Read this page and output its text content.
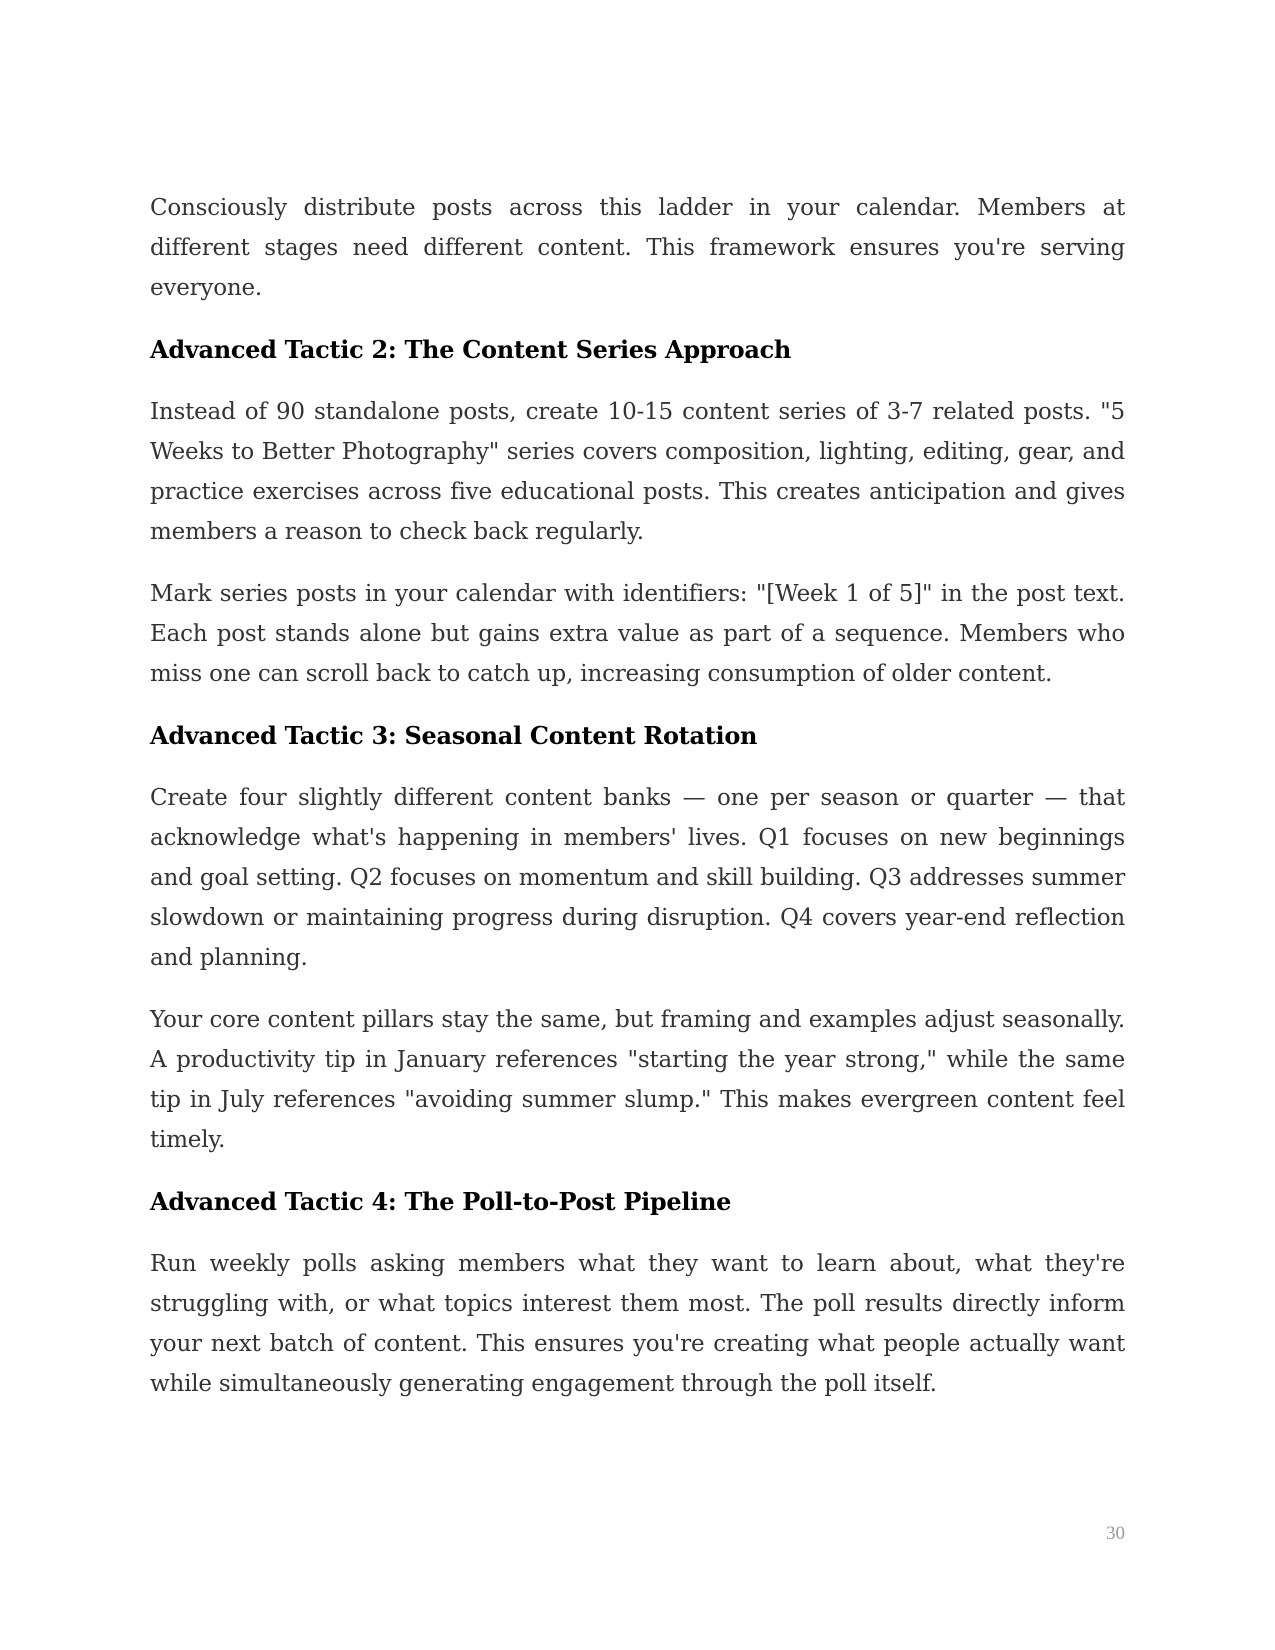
Consciously distribute posts across this ladder in your calendar. Members at different stages need different content. This framework ensures you're serving everyone.

Advanced Tactic 2: The Content Series Approach

Instead of 90 standalone posts, create 10-15 content series of 3-7 related posts. "5 Weeks to Better Photography" series covers composition, lighting, editing, gear, and practice exercises across five educational posts. This creates anticipation and gives members a reason to check back regularly.

Mark series posts in your calendar with identifiers: "[Week 1 of 5]" in the post text. Each post stands alone but gains extra value as part of a sequence. Members who miss one can scroll back to catch up, increasing consumption of older content.

Advanced Tactic 3: Seasonal Content Rotation

Create four slightly different content banks — one per season or quarter — that acknowledge what's happening in members' lives. Q1 focuses on new beginnings and goal setting. Q2 focuses on momentum and skill building. Q3 addresses summer slowdown or maintaining progress during disruption. Q4 covers year-end reflection and planning.

Your core content pillars stay the same, but framing and examples adjust seasonally. A productivity tip in January references "starting the year strong," while the same tip in July references "avoiding summer slump." This makes evergreen content feel timely.

Advanced Tactic 4: The Poll-to-Post Pipeline

Run weekly polls asking members what they want to learn about, what they're struggling with, or what topics interest them most. The poll results directly inform your next batch of content. This ensures you're creating what people actually want while simultaneously generating engagement through the poll itself.

30
